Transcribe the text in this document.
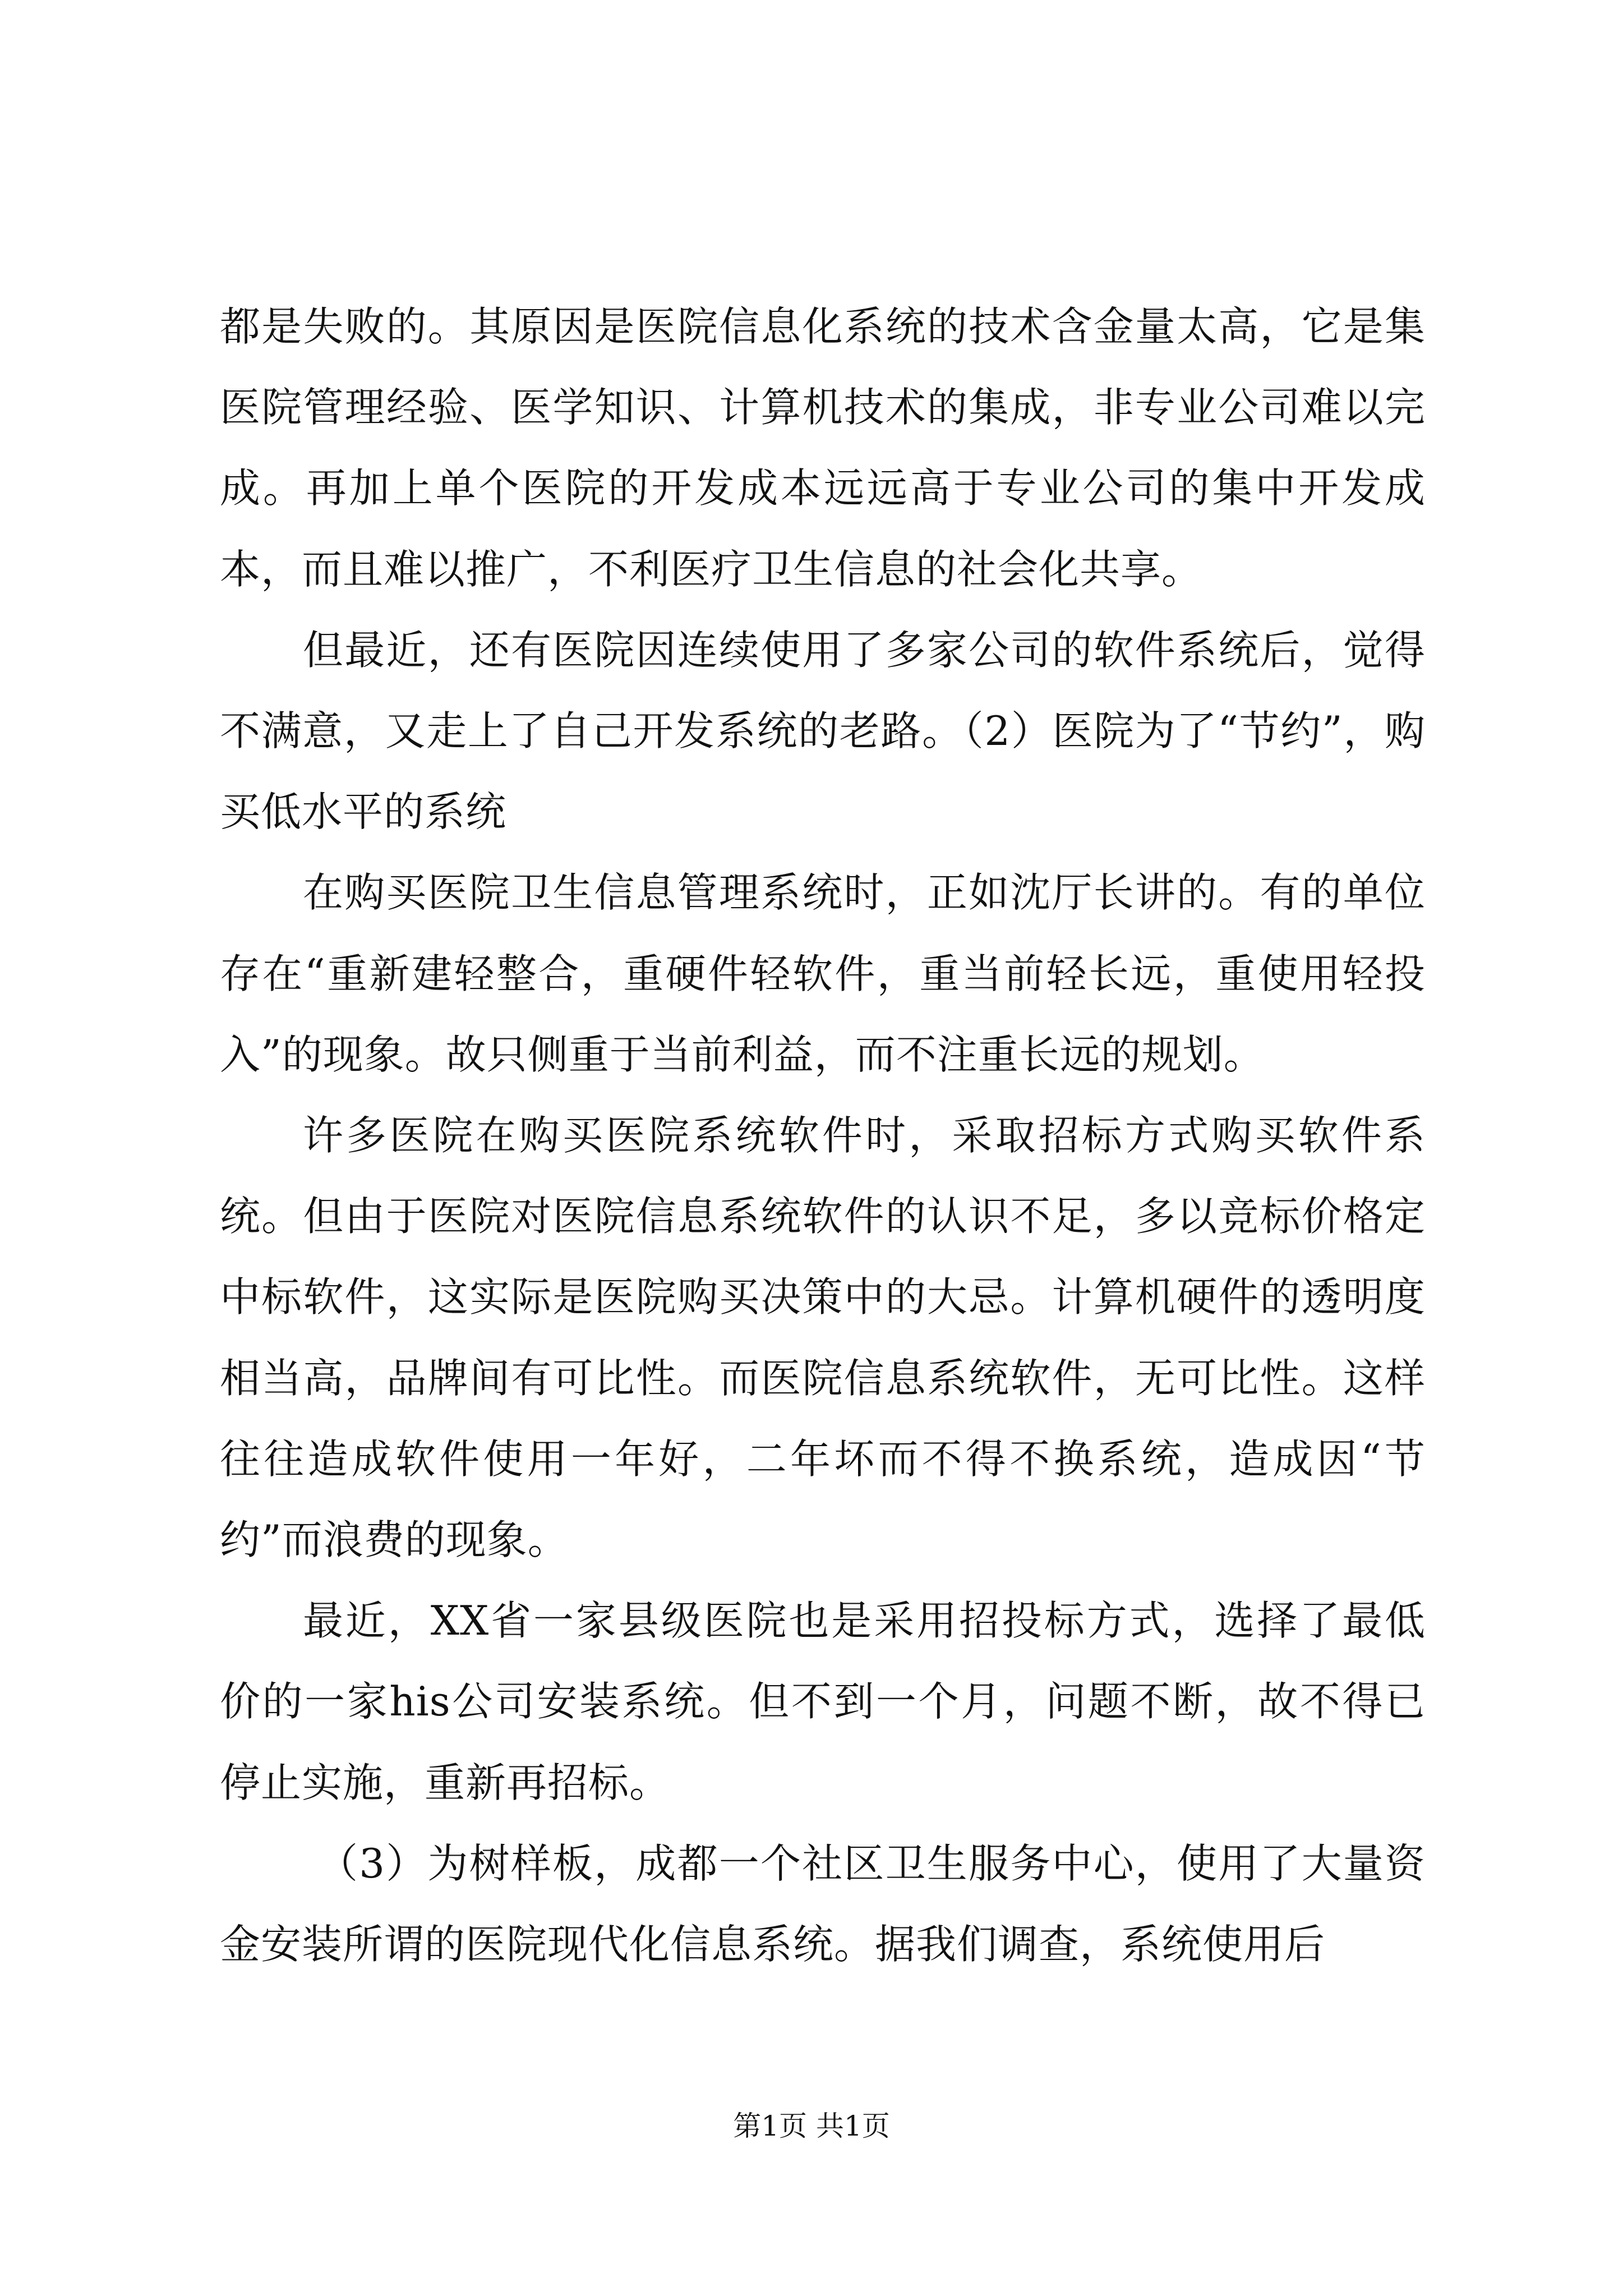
都是失败的。其原因是医院信息化系统的技术含金量太高，它是集医院管理经验、医学知识、计算机技术的集成，非专业公司难以完成。再加上单个医院的开发成本远远高于专业公司的集中开发成本，而且难以推广，不利医疗卫生信息的社会化共享。

但最近，还有医院因连续使用了多家公司的软件系统后，觉得不满意，又走上了自己开发系统的老路。（2）医院为了“节约”，购买低水平的系统

在购买医院卫生信息管理系统时，正如沈厅长讲的。有的单位存在“重新建轻整合，重硬件轻软件，重当前轻长远，重使用轻投入”的现象。故只侧重于当前利益，而不注重长远的规划。

许多医院在购买医院系统软件时，采取招标方式购买软件系统。但由于医院对医院信息系统软件的认识不足，多以竞标价格定中标软件，这实际是医院购买决策中的大忌。计算机硬件的透明度相当高，品牌间有可比性。而医院信息系统软件，无可比性。这样往往造成软件使用一年好，二年坏而不得不换系统，造成因“节约”而浪费的现象。

最近，XX省一家县级医院也是采用招投标方式，选择了最低价的一家his公司安装系统。但不到一个月，问题不断，故不得已停止实施，重新再招标。

（3）为树样板，成都一个社区卫生服务中心，使用了大量资金安装所谓的医院现代化信息系统。据我们调查，系统使用后

第1页 共1页
